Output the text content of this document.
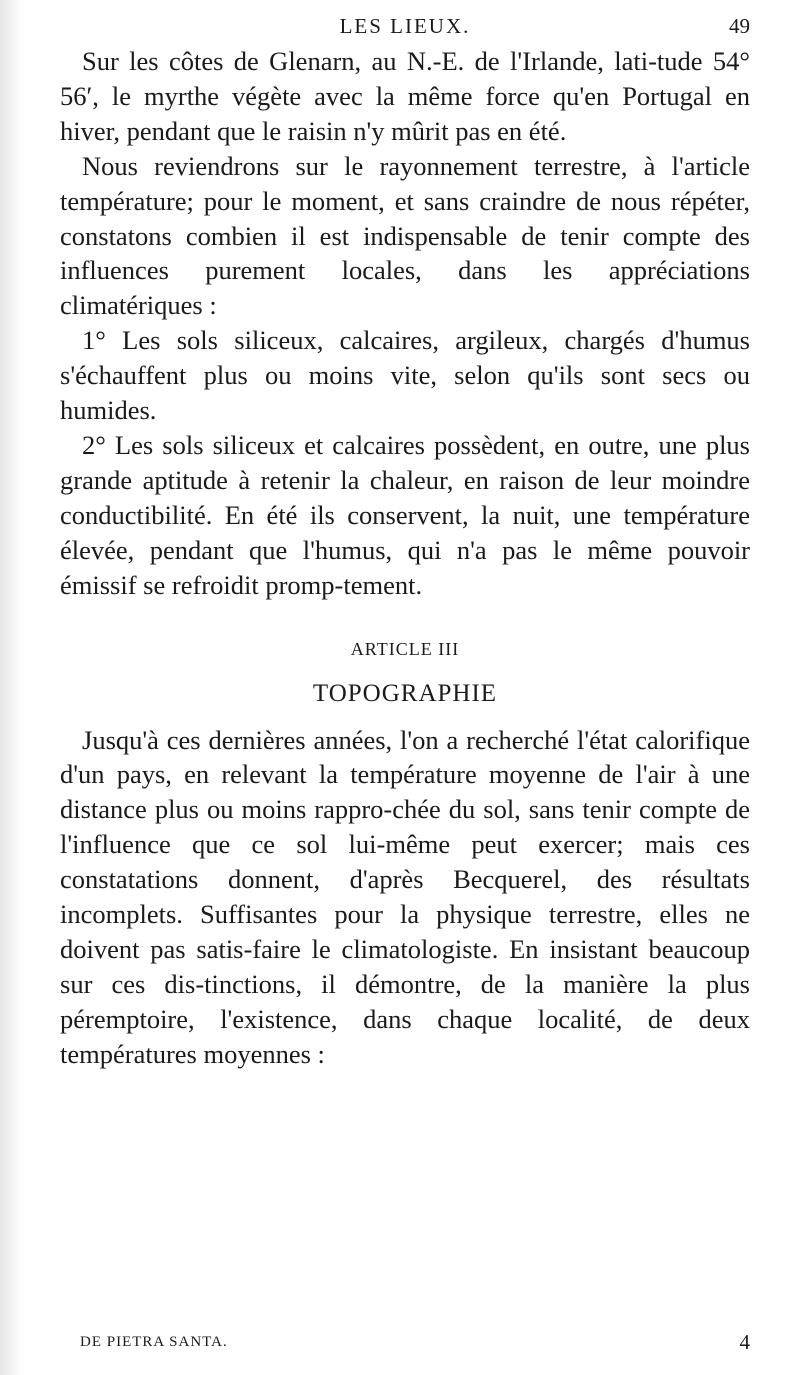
LES LIEUX.	49

Sur les côtes de Glenarn, au N.-E. de l'Irlande, lati-tude 54° 56′, le myrthe végète avec la même force qu'en Portugal en hiver, pendant que le raisin n'y mûrit pas en été.

Nous reviendrons sur le rayonnement terrestre, à l'article température; pour le moment, et sans craindre de nous répéter, constatons combien il est indispensable de tenir compte des influences purement locales, dans les appréciations climatériques :

1° Les sols siliceux, calcaires, argileux, chargés d'humus s'échauffent plus ou moins vite, selon qu'ils sont secs ou humides.

2° Les sols siliceux et calcaires possèdent, en outre, une plus grande aptitude à retenir la chaleur, en raison de leur moindre conductibilité. En été ils conservent, la nuit, une température élevée, pendant que l'humus, qui n'a pas le même pouvoir émissif se refroidit promp-tement.

ARTICLE III

TOPOGRAPHIE

Jusqu'à ces dernières années, l'on a recherché l'état calorifique d'un pays, en relevant la température moyenne de l'air à une distance plus ou moins rappro-chée du sol, sans tenir compte de l'influence que ce sol lui-même peut exercer; mais ces constatations donnent, d'après Becquerel, des résultats incomplets. Suffisantes pour la physique terrestre, elles ne doivent pas satis-faire le climatologiste. En insistant beaucoup sur ces dis-tinctions, il démontre, de la manière la plus péremptoire, l'existence, dans chaque localité, de deux températures moyennes :

DE PIETRA SANTA.	4
